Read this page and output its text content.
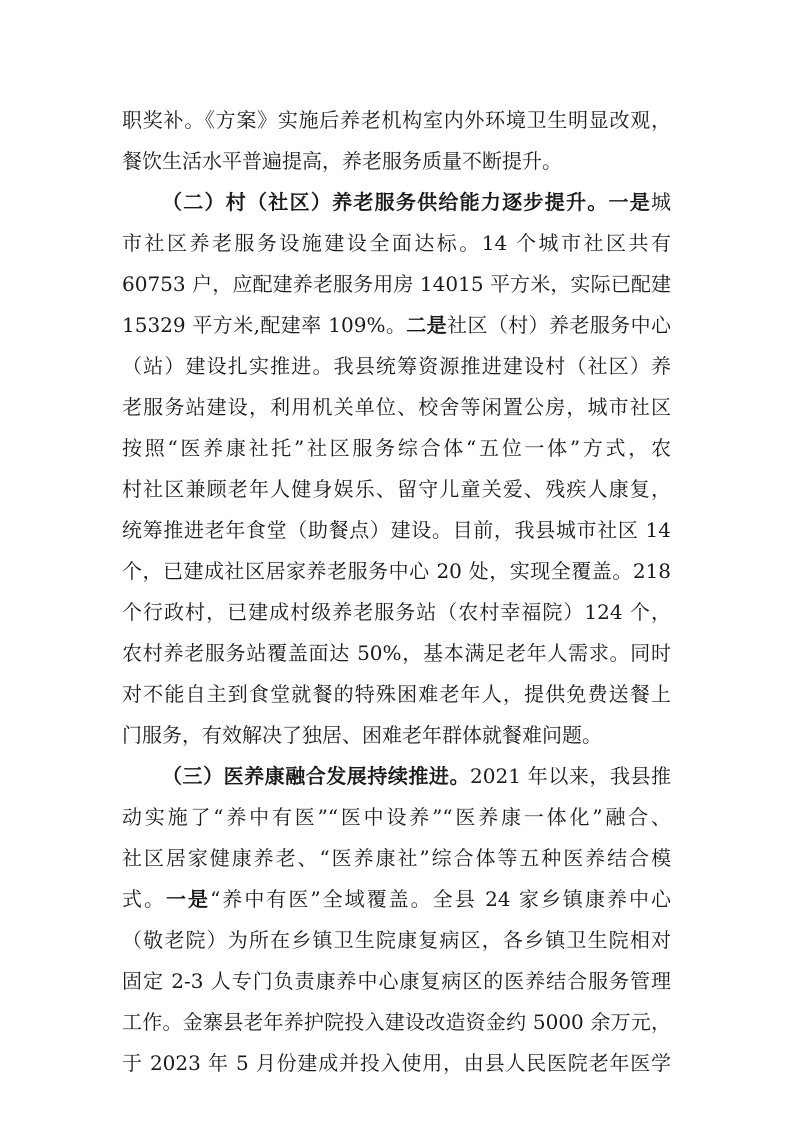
职奖补。《方案》实施后养老机构室内外环境卫生明显改观，
餐饮生活水平普遍提高，养老服务质量不断提升。
（二）村（社区）养老服务供给能力逐步提升。一是城
市社区养老服务设施建设全面达标。14 个城市社区共有
60753 户，应配建养老服务用房 14015 平方米，实际已配建
15329 平方米,配建率 109%。二是社区（村）养老服务中心
（站）建设扎实推进。我县统筹资源推进建设村（社区）养
老服务站建设，利用机关单位、校舍等闲置公房，城市社区
按照“医养康社托”社区服务综合体“五位一体”方式，农
村社区兼顾老年人健身娱乐、留守儿童关爱、残疾人康复，
统筹推进老年食堂（助餐点）建设。目前，我县城市社区 14
个，已建成社区居家养老服务中心 20 处，实现全覆盖。218
个行政村，已建成村级养老服务站（农村幸福院）124 个，
农村养老服务站覆盖面达 50%，基本满足老年人需求。同时
对不能自主到食堂就餐的特殊困难老年人，提供免费送餐上
门服务，有效解决了独居、困难老年群体就餐难问题。
（三）医养康融合发展持续推进。2021 年以来，我县推
动实施了“养中有医”“医中设养”“医养康一体化”融合、
社区居家健康养老、“医养康社”综合体等五种医养结合模
式。一是“养中有医”全域覆盖。全县 24 家乡镇康养中心
（敬老院）为所在乡镇卫生院康复病区，各乡镇卫生院相对
固定 2-3 人专门负责康养中心康复病区的医养结合服务管理
工作。金寨县老年养护院投入建设改造资金约 5000 余万元，
于 2023 年 5 月份建成并投入使用，由县人民医院老年医学
